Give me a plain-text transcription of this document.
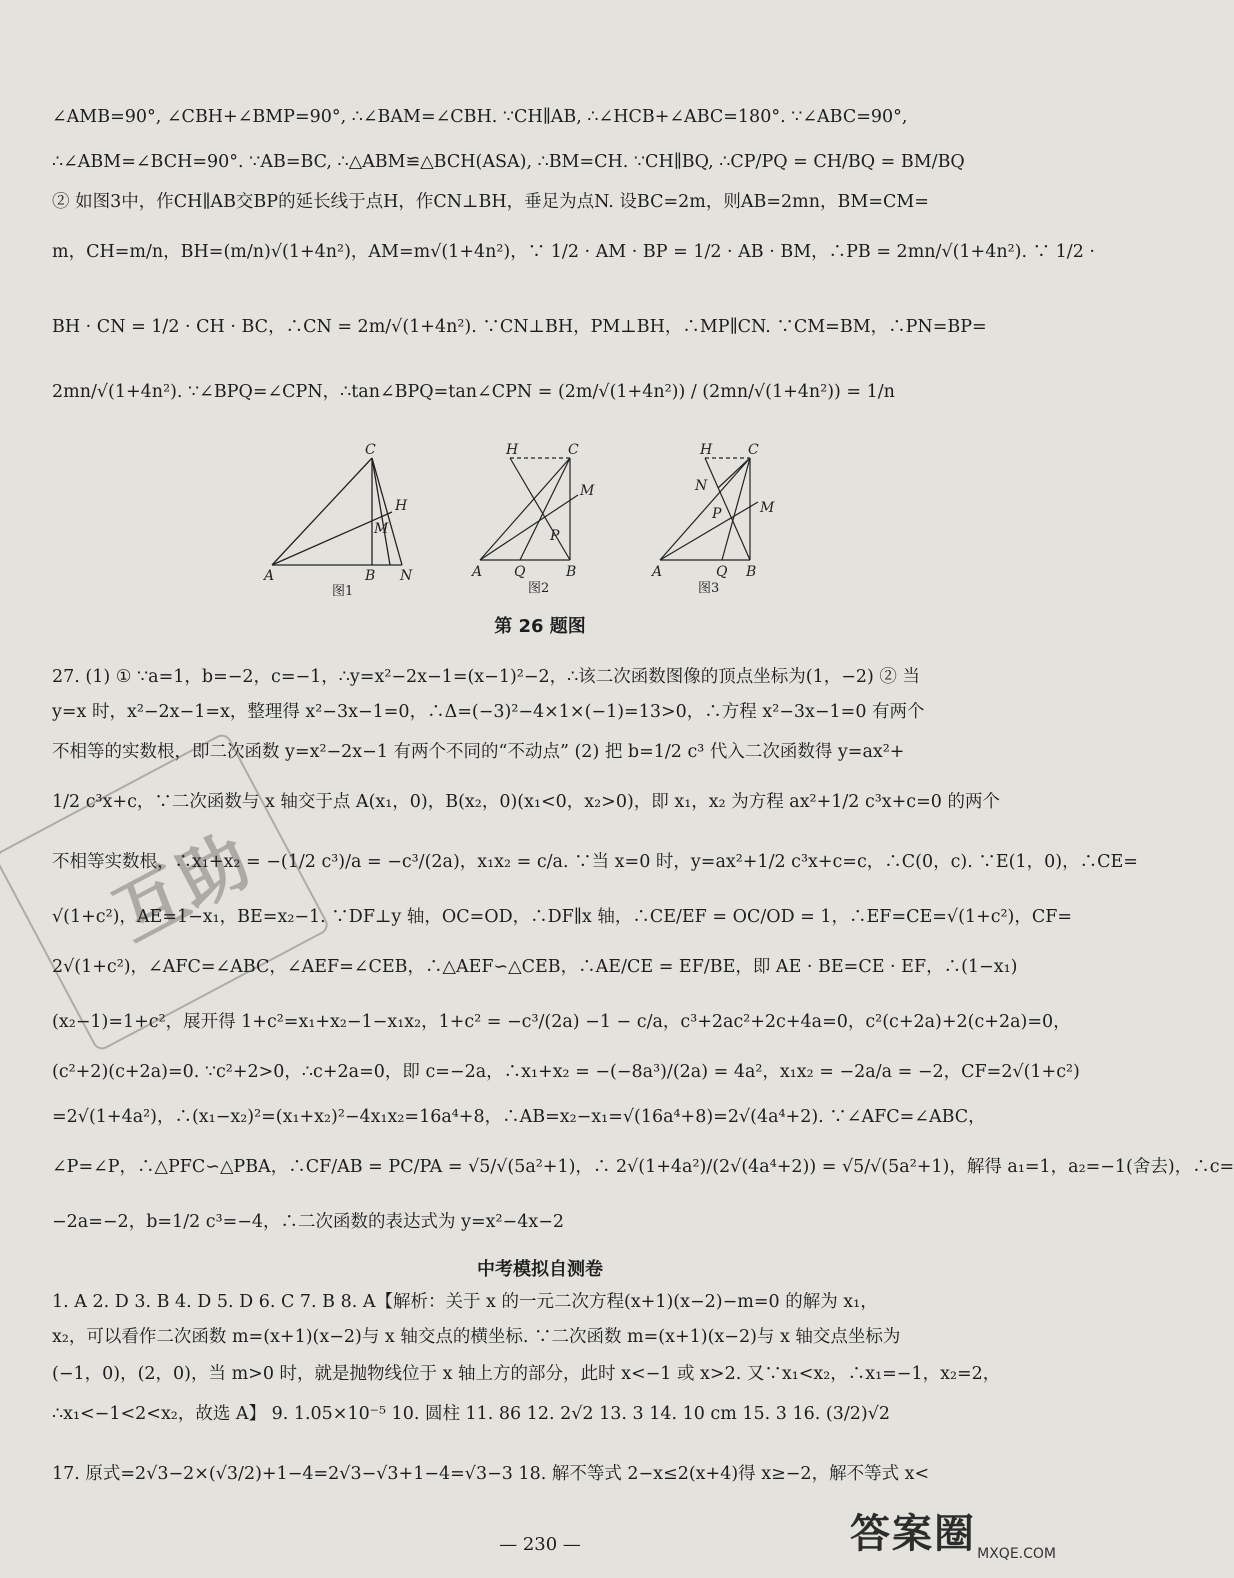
∠AMB=90°, ∠CBH+∠BMP=90°, ∴∠BAM=∠CBH. ∵CH∥AB, ∴∠HCB+∠ABC=180°. ∵∠ABC=90°,
∴∠ABM=∠BCH=90°. ∵AB=BC, ∴△ABM≌△BCH(ASA), ∴BM=CH. ∵CH∥BQ, ∴CP/PQ = CH/BQ = BM/BQ
② 如图3中，作CH∥AB交BP的延长线于点H，作CN⊥BH，垂足为点N. 设BC=2m，则AB=2mn，BM=CM=
m，CH=m/n，BH=(m/n)√(1+4n²)，AM=m√(1+4n²)，∵ 1/2 · AM · BP = 1/2 · AB · BM，∴PB = 2mn/√(1+4n²). ∵ 1/2 ·
BH · CN = 1/2 · CH · BC，∴CN = 2m/√(1+4n²). ∵CN⊥BH，PM⊥BH，∴MP∥CN. ∵CM=BM，∴PN=BP=
2mn/√(1+4n²). ∵∠BPQ=∠CPN，∴tan∠BPQ=tan∠CPN = (2m/√(1+4n²)) / (2mn/√(1+4n²)) = 1/n
C
H
M
A	B N
图1
H	C
M
P
A Q	B
图2
H	C
N
M
P
A	Q B
图3
第 26 题图
27. (1) ① ∵a=1，b=−2，c=−1，∴y=x²−2x−1=(x−1)²−2，∴该二次函数图像的顶点坐标为(1，−2) ② 当
y=x 时，x²−2x−1=x，整理得 x²−3x−1=0，∴Δ=(−3)²−4×1×(−1)=13>0，∴方程 x²−3x−1=0 有两个
不相等的实数根，即二次函数 y=x²−2x−1 有两个不同的“不动点” (2) 把 b=1/2 c³ 代入二次函数得 y=ax²+
1/2 c³x+c，∵二次函数与 x 轴交于点 A(x₁，0)，B(x₂，0)(x₁<0，x₂>0)，即 x₁，x₂ 为方程 ax²+1/2 c³x+c=0 的两个
不相等实数根，∴x₁+x₂ = −(1/2 c³)/a = −c³/(2a)，x₁x₂ = c/a. ∵当 x=0 时，y=ax²+1/2 c³x+c=c，∴C(0，c). ∵E(1，0)，∴CE=
√(1+c²)，AE=1−x₁，BE=x₂−1. ∵DF⊥y 轴，OC=OD，∴DF∥x 轴，∴CE/EF = OC/OD = 1，∴EF=CE=√(1+c²)，CF=
2√(1+c²)，∠AFC=∠ABC，∠AEF=∠CEB，∴△AEF∽△CEB，∴AE/CE = EF/BE，即 AE · BE=CE · EF，∴(1−x₁)
(x₂−1)=1+c²，展开得 1+c²=x₁+x₂−1−x₁x₂，1+c² = −c³/(2a) −1 − c/a，c³+2ac²+2c+4a=0，c²(c+2a)+2(c+2a)=0，
(c²+2)(c+2a)=0. ∵c²+2>0，∴c+2a=0，即 c=−2a，∴x₁+x₂ = −(−8a³)/(2a) = 4a²，x₁x₂ = −2a/a = −2，CF=2√(1+c²)
=2√(1+4a²)，∴(x₁−x₂)²=(x₁+x₂)²−4x₁x₂=16a⁴+8，∴AB=x₂−x₁=√(16a⁴+8)=2√(4a⁴+2). ∵∠AFC=∠ABC，
∠P=∠P，∴△PFC∽△PBA，∴CF/AB = PC/PA = √5/√(5a²+1)，∴ 2√(1+4a²)/(2√(4a⁴+2)) = √5/√(5a²+1)，解得 a₁=1，a₂=−1(舍去)，∴c=
−2a=−2，b=1/2 c³=−4，∴二次函数的表达式为 y=x²−4x−2
中考模拟自测卷
1. A 2. D 3. B 4. D 5. D 6. C 7. B 8. A【解析：关于 x 的一元二次方程(x+1)(x−2)−m=0 的解为 x₁，
x₂，可以看作二次函数 m=(x+1)(x−2)与 x 轴交点的横坐标. ∵二次函数 m=(x+1)(x−2)与 x 轴交点坐标为
(−1，0)，(2，0)，当 m>0 时，就是抛物线位于 x 轴上方的部分，此时 x<−1 或 x>2. 又∵x₁<x₂，∴x₁=−1，x₂=2，
∴x₁<−1<2<x₂，故选 A】 9. 1.05×10⁻⁵ 10. 圆柱 11. 86 12. 2√2 13. 3 14. 10 cm 15. 3 16. (3/2)√2
17. 原式=2√3−2×(√3/2)+1−4=2√3−√3+1−4=√3−3 18. 解不等式 2−x≤2(x+4)得 x≥−2，解不等式 x<
— 230 —
互助
答案圈 MXQE.COM
